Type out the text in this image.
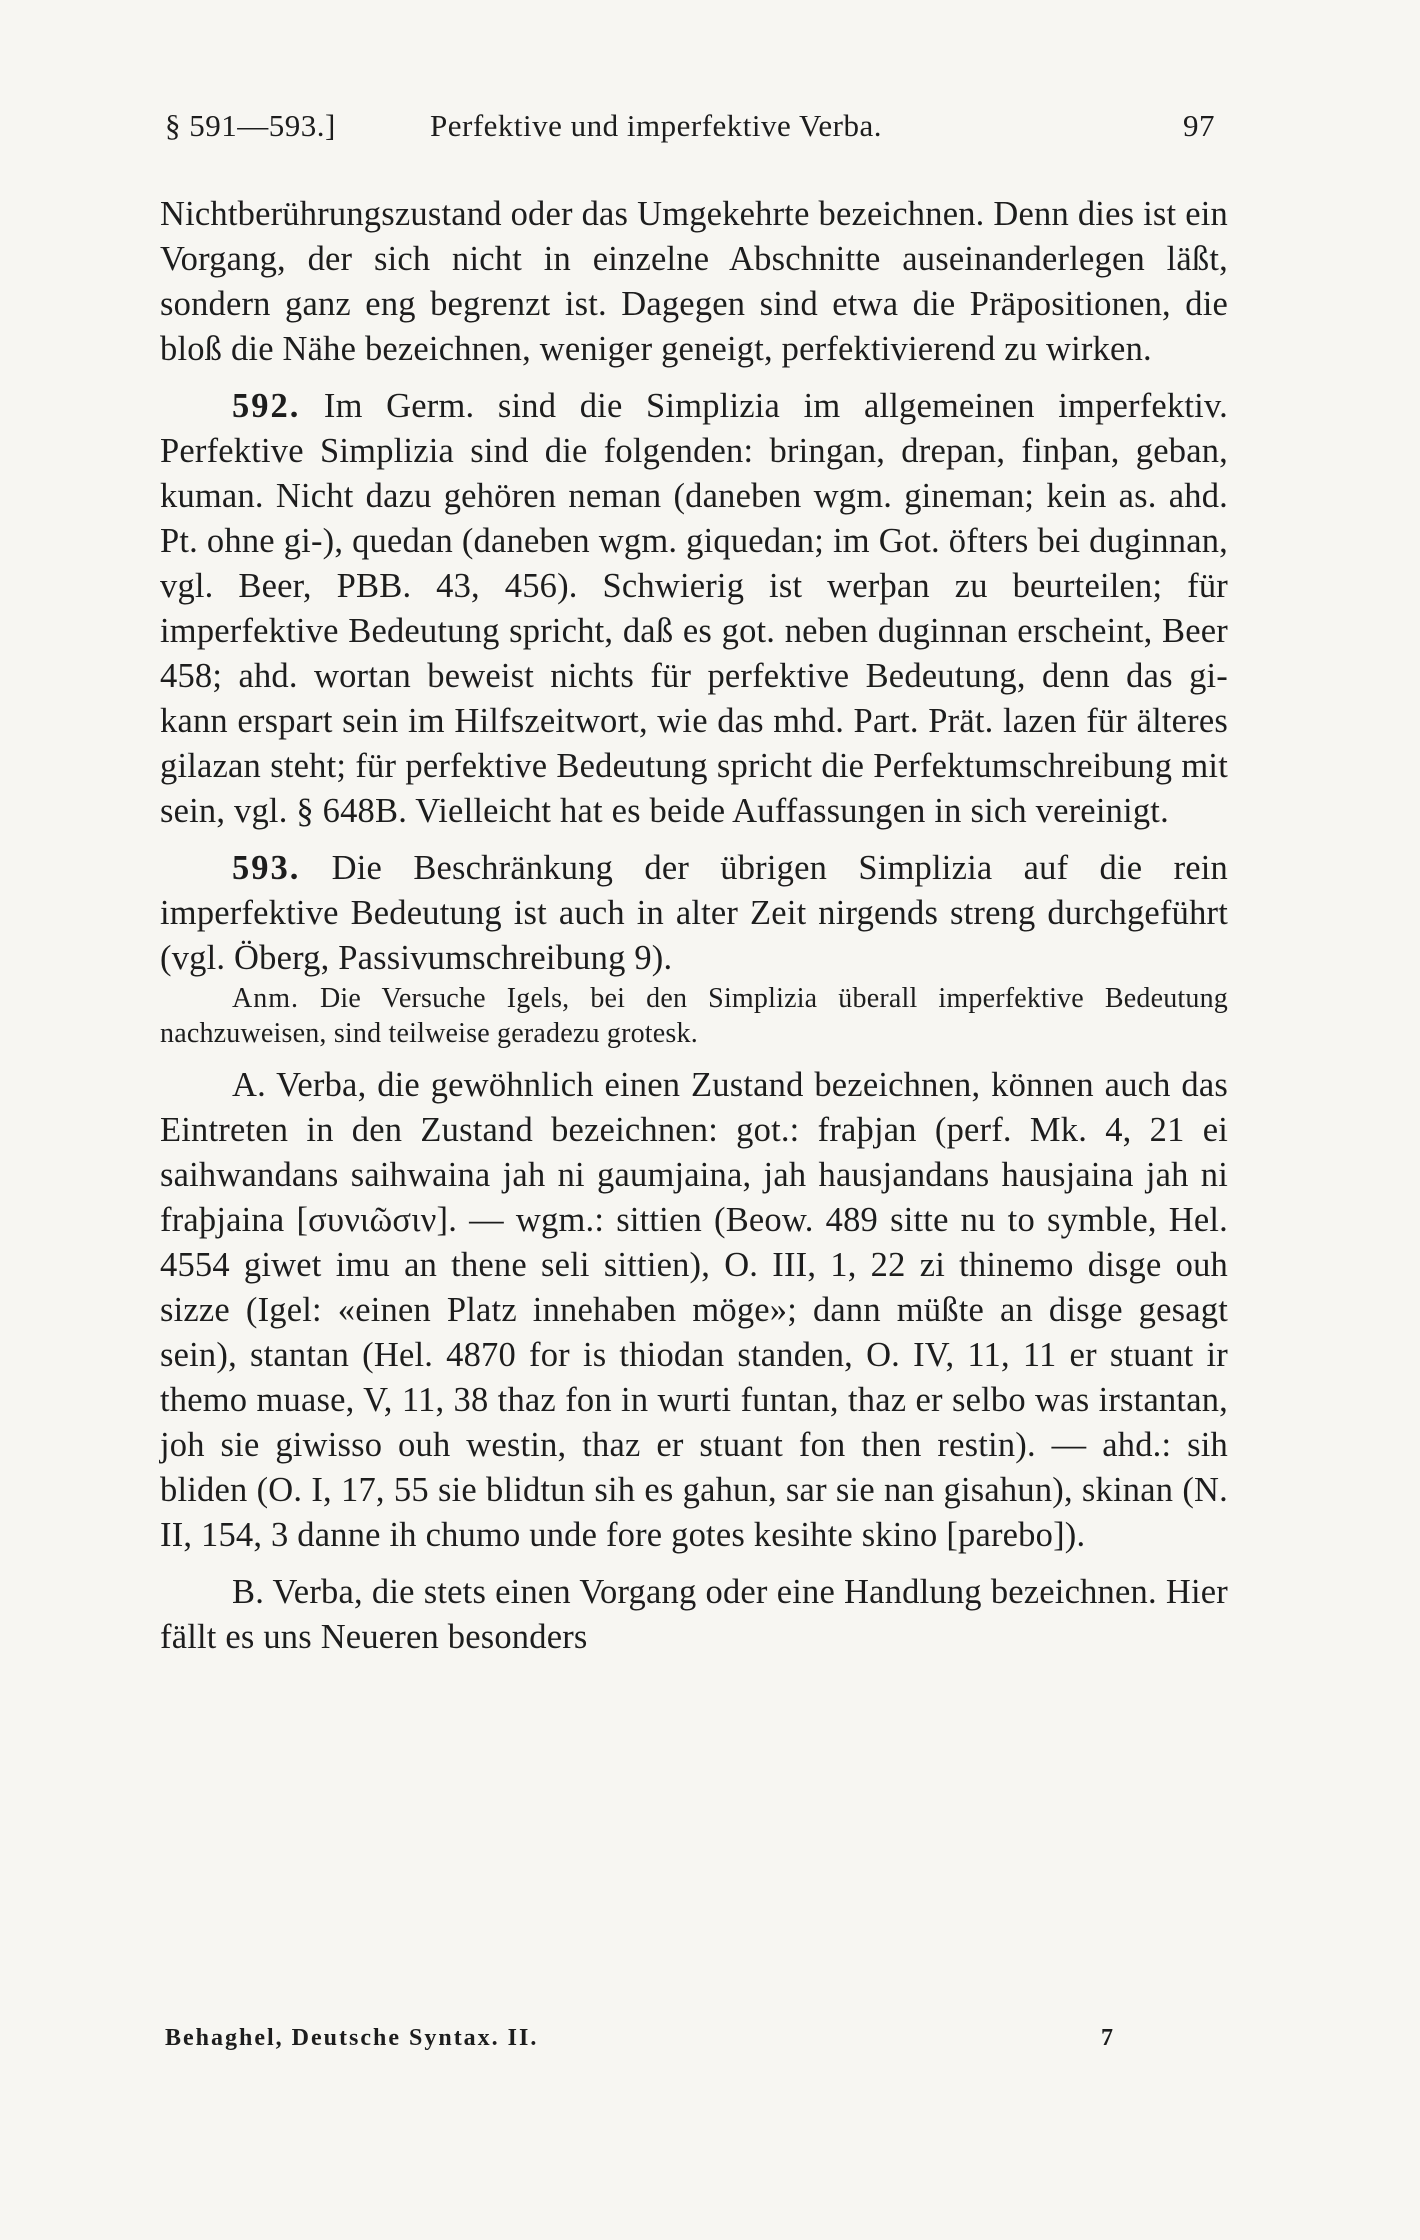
§ 591—593.]	Perfektive und imperfektive Verba.	97

Nichtberührungszustand oder das Umgekehrte bezeichnen. Denn dies ist ein Vorgang, der sich nicht in einzelne Abschnitte auseinanderlegen läßt, sondern ganz eng begrenzt ist. Dagegen sind etwa die Präpositionen, die bloß die Nähe bezeichnen, weniger geneigt, perfektivierend zu wirken.

592. Im Germ. sind die Simplizia im allgemeinen imperfektiv. Perfektive Simplizia sind die folgenden: bringan, drepan, finþan, geban, kuman. Nicht dazu gehören neman (daneben wgm. gineman; kein as. ahd. Pt. ohne gi-), quedan (daneben wgm. giquedan; im Got. öfters bei duginnan, vgl. Beer, PBB. 43, 456). Schwierig ist werþan zu beurteilen; für imperfektive Bedeutung spricht, daß es got. neben duginnan erscheint, Beer 458; ahd. wortan beweist nichts für perfektive Bedeutung, denn das gi- kann erspart sein im Hilfszeitwort, wie das mhd. Part. Prät. lazen für älteres gilazan steht; für perfektive Bedeutung spricht die Perfektumschreibung mit sein, vgl. § 648B. Vielleicht hat es beide Auffassungen in sich vereinigt.

593. Die Beschränkung der übrigen Simplizia auf die rein imperfektive Bedeutung ist auch in alter Zeit nirgends streng durchgeführt (vgl. Öberg, Passivumschreibung 9).

Anm. Die Versuche Igels, bei den Simplizia überall imperfektive Bedeutung nachzuweisen, sind teilweise geradezu grotesk.

A. Verba, die gewöhnlich einen Zustand bezeichnen, können auch das Eintreten in den Zustand bezeichnen: got.: fraþjan (perf. Mk. 4, 21 ei saihwandans saihwaina jah ni gaumjaina, jah hausjandans hausjaina jah ni fraþjaina [συνιῶσιν]. — wgm.: sittien (Beow. 489 sitte nu to symble, Hel. 4554 giwet imu an thene seli sittien), O. III, 1, 22 zi thinemo disge ouh sizze (Igel: «einen Platz innehaben möge»; dann müßte an disge gesagt sein), stantan (Hel. 4870 for is thiodan standen, O. IV, 11, 11 er stuant ir themo muase, V, 11, 38 thaz fon in wurti funtan, thaz er selbo was irstantan, joh sie giwisso ouh westin, thaz er stuant fon then restin). — ahd.: sih bliden (O. I, 17, 55 sie blidtun sih es gahun, sar sie nan gisahun), skinan (N. II, 154, 3 danne ih chumo unde fore gotes kesihte skino [parebo]).

B. Verba, die stets einen Vorgang oder eine Handlung bezeichnen. Hier fällt es uns Neueren besonders

Behaghel, Deutsche Syntax. II.	7
